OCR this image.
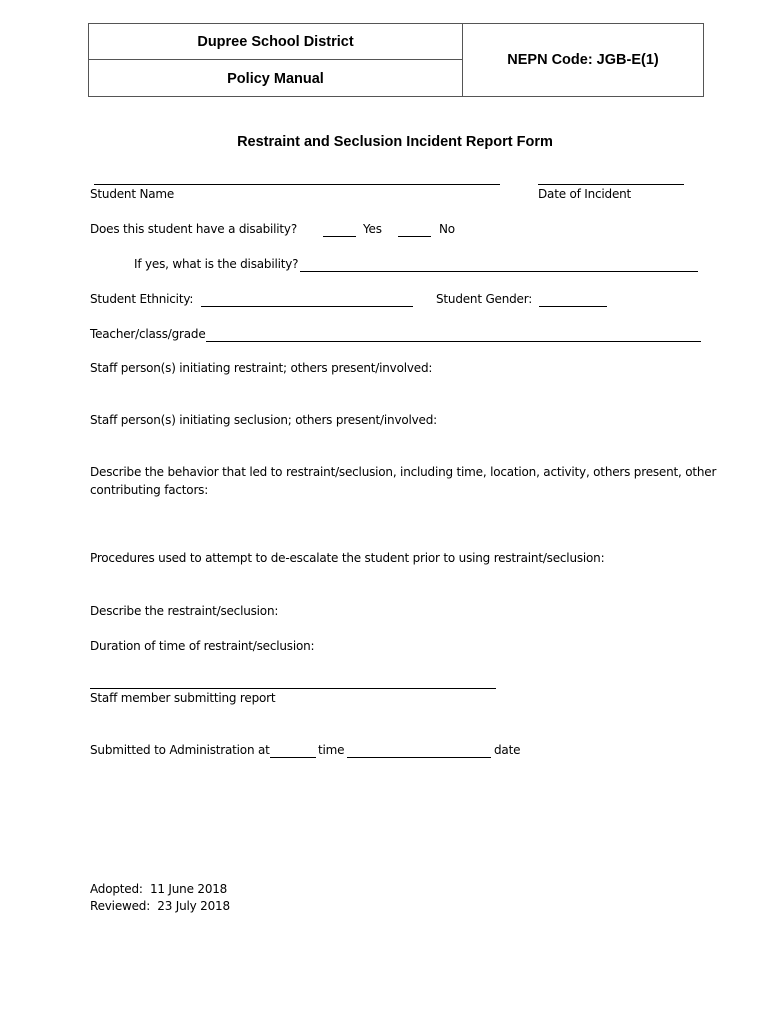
Dupree School District
Policy Manual
NEPN Code: JGB-E(1)
Restraint and Seclusion Incident Report Form
Student Name	Date of Incident
Does this student have a disability?	Yes	No
If yes, what is the disability?
Student Ethnicity:	Student Gender:
Teacher/class/grade
Staff person(s) initiating restraint; others present/involved:
Staff person(s) initiating seclusion; others present/involved:
Describe the behavior that led to restraint/seclusion, including time, location, activity, others present, other
contributing factors:
Procedures used to attempt to de-escalate the student prior to using restraint/seclusion:
Describe the restraint/seclusion:
Duration of time of restraint/seclusion:
Staff member submitting report
Submitted to Administration at	time	date
Adopted:  11 June 2018
Reviewed:  23 July 2018
